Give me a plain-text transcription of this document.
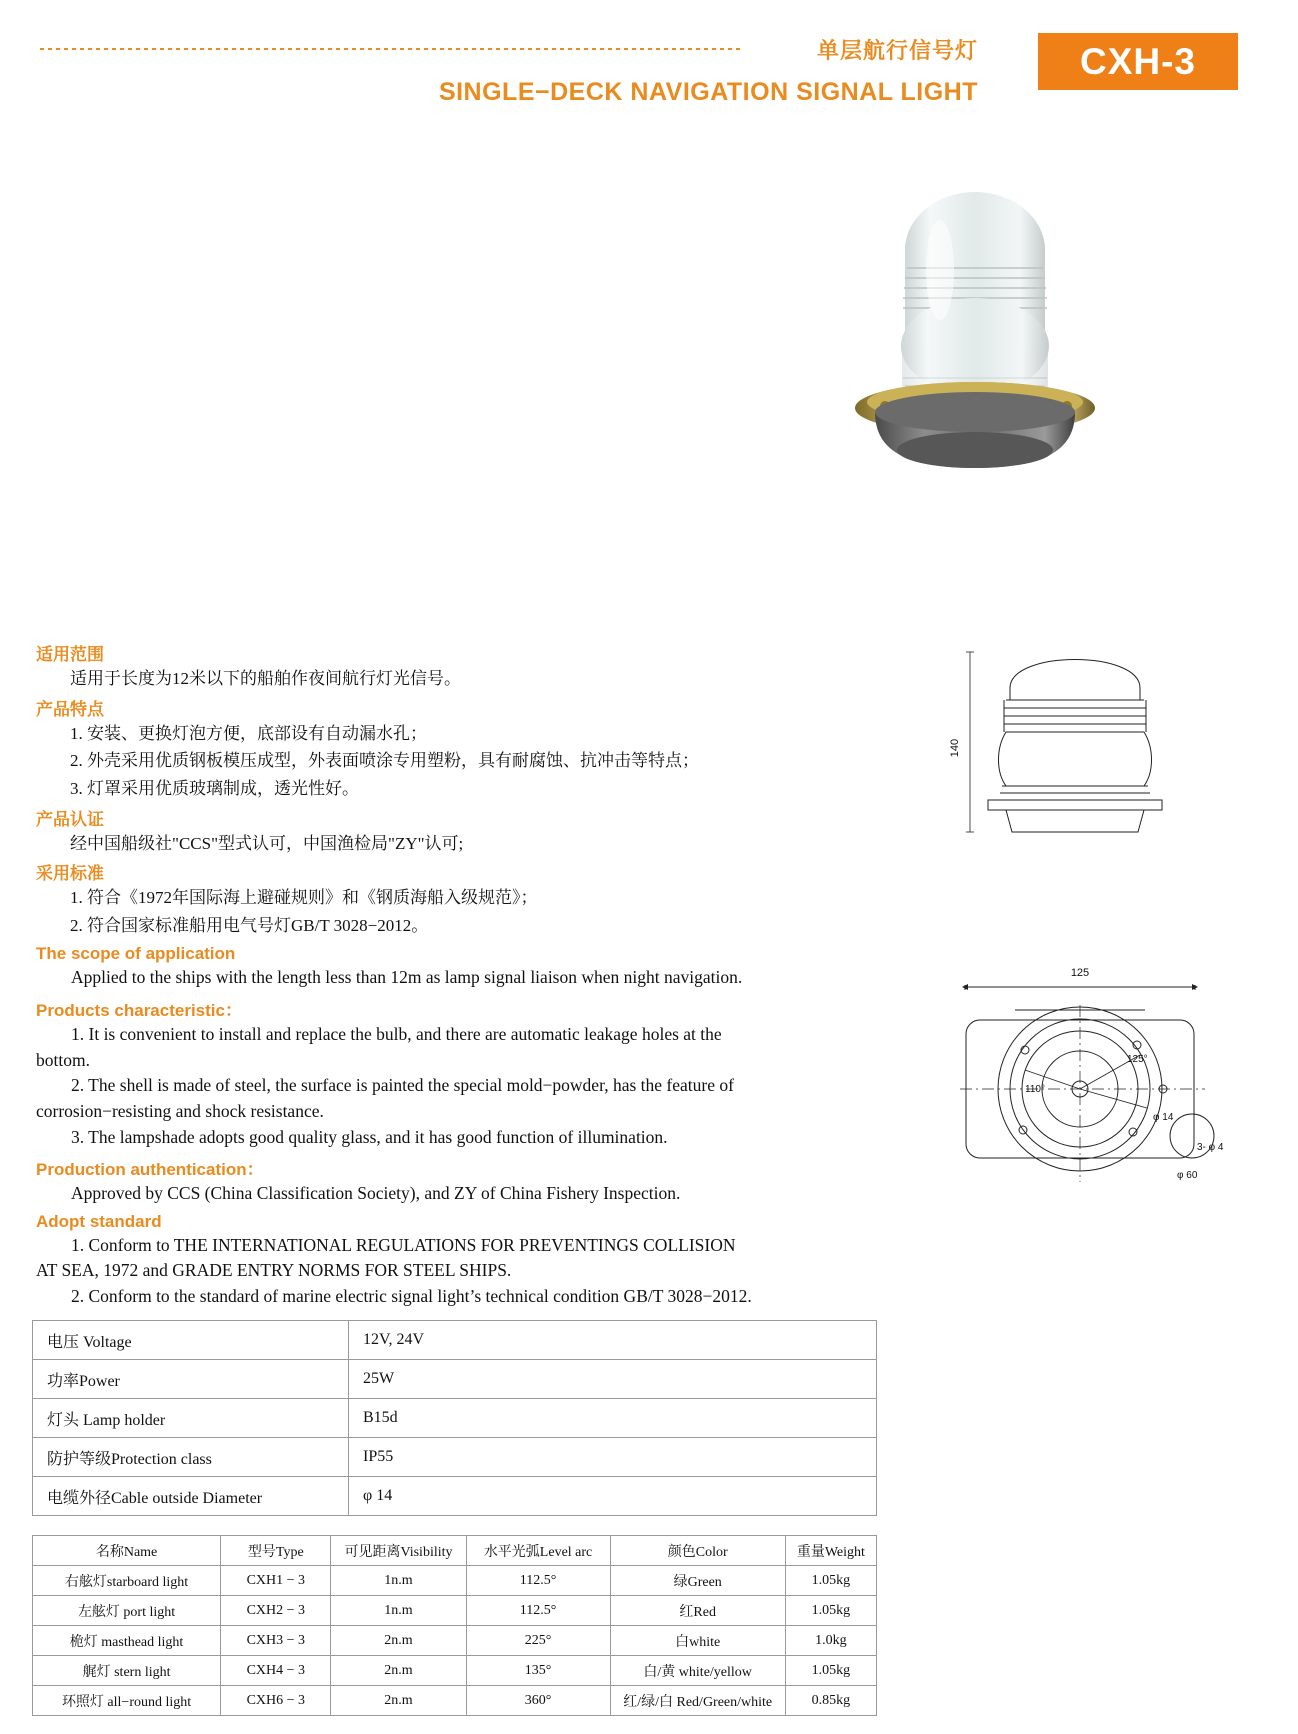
单层航行信号灯
SINGLE−DECK NAVIGATION SIGNAL LIGHT
CXH-3
适用范围

适用于长度为12米以下的船舶作夜间航行灯光信号。

产品特点

1. 安装、更换灯泡方便，底部设有自动漏水孔；

2. 外壳采用优质钢板模压成型，外表面喷涂专用塑粉，具有耐腐蚀、抗冲击等特点；

3. 灯罩采用优质玻璃制成，透光性好。

产品认证

经中国船级社"CCS"型式认可，中国渔检局"ZY"认可;

采用标准

1. 符合《1972年国际海上避碰规则》和《钢质海船入级规范》；

2. 符合国家标准船用电气号灯GB/T 3028−2012。

The scope of application

Applied to the ships with the length less than 12m as lamp signal liaison when night navigation.

Products characteristic：

1. It is convenient to install and replace the bulb, and there are automatic leakage holes at the

bottom.

2. The shell is made of steel, the surface is painted the special mold−powder, has the feature of

corrosion−resisting and shock resistance.

3. The lampshade adopts good quality glass, and it has good function of illumination.

Production authentication：

Approved by CCS (China Classification Society), and ZY of China Fishery Inspection.

Adopt standard

1. Conform to THE INTERNATIONAL REGULATIONS FOR PREVENTINGS COLLISION

AT SEA, 1972 and GRADE ENTRY NORMS FOR STEEL SHIPS.

2. Conform to the standard of marine electric signal light’s technical condition GB/T 3028−2012.

140
125
125°
110°
φ 14
3- φ 4
φ 60
电压 Voltage	12V, 24V
功率Power	25W
灯头 Lamp holder	B15d
防护等级Protection class	IP55
电缆外径Cable outside Diameter	φ 14
名称Name	型号Type	可见距离Visibility	水平光弧Level arc	颜色Color	重量Weight
右舷灯starboard light	CXH1 − 3	1n.m	112.5°	绿Green	1.05kg
左舷灯 port light	CXH2 − 3	1n.m	112.5°	红Red	1.05kg
桅灯 masthead light	CXH3 − 3	2n.m	225°	白white	1.0kg
艉灯 stern light	CXH4 − 3	2n.m	135°	白/黄 white/yellow	1.05kg
环照灯 all−round light	CXH6 − 3	2n.m	360°	红/绿/白 Red/Green/white	0.85kg
